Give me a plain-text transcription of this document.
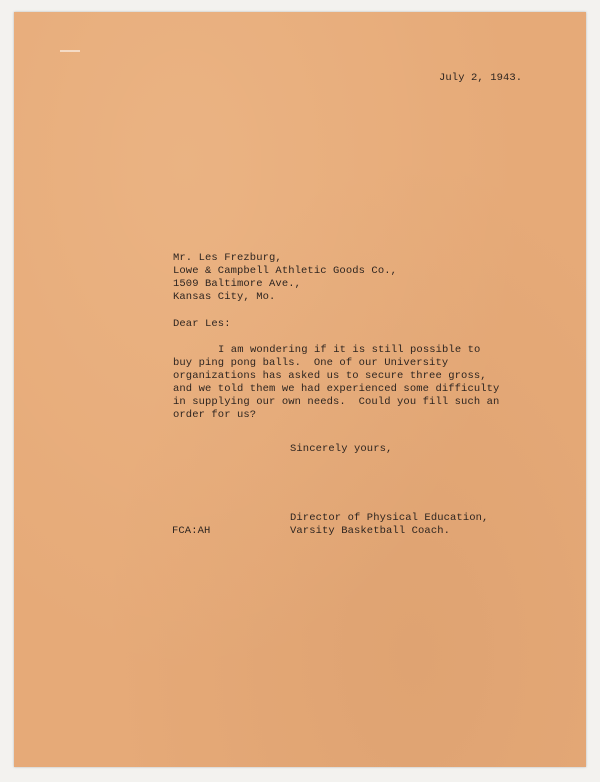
July 2, 1943.
Mr. Les Frezburg,
Lowe & Campbell Athletic Goods Co.,
1509 Baltimore Ave.,
Kansas City, Mo.
Dear Les:
I am wondering if it is still possible to
buy ping pong balls.  One of our University
organizations has asked us to secure three gross,
and we told them we had experienced some difficulty
in supplying our own needs.  Could you fill such an
order for us?
Sincerely yours,
Director of Physical Education,
Varsity Basketball Coach.
FCA:AH
